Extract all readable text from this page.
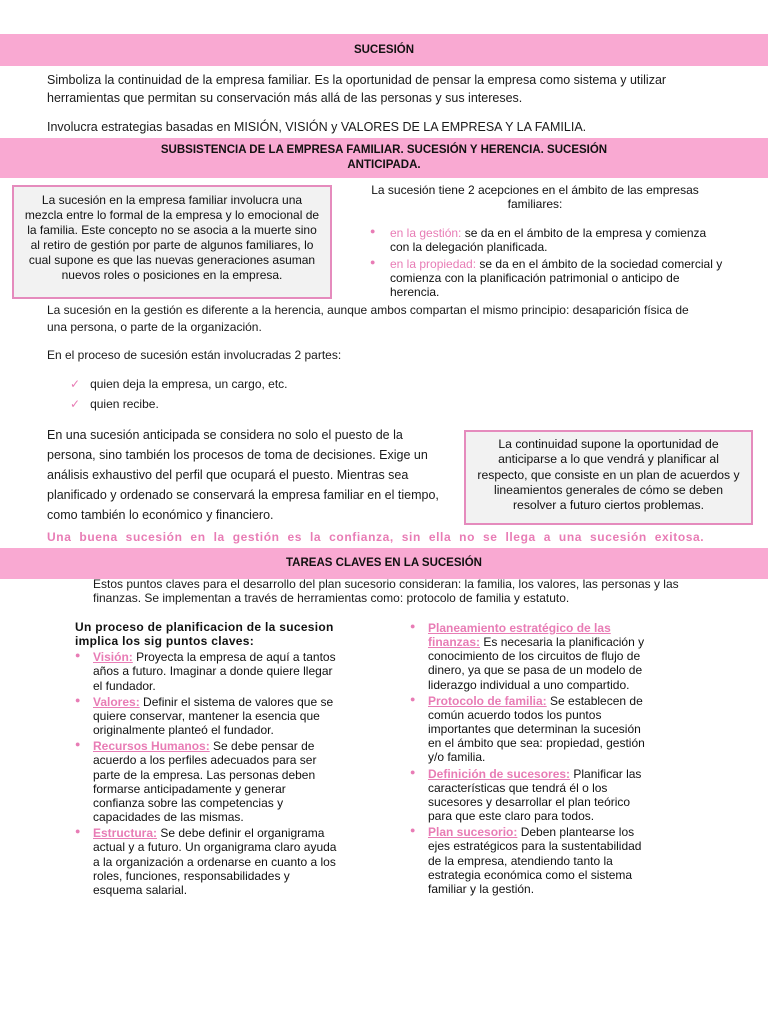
SUCESIÓN
Simboliza la continuidad de la empresa familiar. Es la oportunidad de pensar la empresa como sistema y utilizar herramientas que permitan su conservación más allá de las personas y sus intereses.
Involucra estrategias basadas en MISIÓN, VISIÓN y VALORES DE LA EMPRESA Y LA FAMILIA.
SUBSISTENCIA DE LA EMPRESA FAMILIAR. SUCESIÓN Y HERENCIA. SUCESIÓN ANTICIPADA.
La sucesión en la empresa familiar involucra una mezcla entre lo formal de la empresa y lo emocional de la familia. Este concepto no se asocia a la muerte sino al retiro de gestión por parte de algunos familiares, lo cual supone es que las nuevas generaciones asuman nuevos roles o posiciones en la empresa.
La sucesión tiene 2 acepciones en el ámbito de las empresas familiares:
● en la gestión: se da en el ámbito de la empresa y comienza con la delegación planificada.
● en la propiedad: se da en el ámbito de la sociedad comercial y comienza con la planificación patrimonial o anticipo de herencia.
La sucesión en la gestión es diferente a la herencia, aunque ambos compartan el mismo principio: desaparición física de una persona, o parte de la organización.
En el proceso de sucesión están involucradas 2 partes:
✓ quien deja la empresa, un cargo, etc.
✓ quien recibe.
En una sucesión anticipada se considera no solo el puesto de la persona, sino también los procesos de toma de decisiones. Exige un análisis exhaustivo del perfil que ocupará el puesto. Mientras sea planificado y ordenado se conservará la empresa familiar en el tiempo, como también lo económico y financiero.
La continuidad supone la oportunidad de anticiparse a lo que vendrá y planificar al respecto, que consiste en un plan de acuerdos y lineamientos generales de cómo se deben resolver a futuro ciertos problemas.
Una buena sucesión en la gestión es la confianza, sin ella no se llega a una sucesión exitosa.
TAREAS CLAVES EN LA SUCESIÓN
Estos puntos claves para el desarrollo del plan sucesorio consideran: la familia, los valores, las personas y las finanzas. Se implementan a través de herramientas como: protocolo de familia y estatuto.
Un proceso de planificacion de la sucesion implica los sig puntos claves:
● Visión: Proyecta la empresa de aquí a tantos años a futuro. Imaginar a donde quiere llegar el fundador.
● Valores: Definir el sistema de valores que se quiere conservar, mantener la esencia que originalmente planteó el fundador.
● Recursos Humanos: Se debe pensar de acuerdo a los perfiles adecuados para ser parte de la empresa. Las personas deben formarse anticipadamente y generar confianza sobre las competencias y capacidades de las mismas.
● Estructura: Se debe definir el organigrama actual y a futuro. Un organigrama claro ayuda a la organización a ordenarse en cuanto a los roles, funciones, responsabilidades y esquema salarial.
● Planeamiento estratégico de las finanzas: Es necesaria la planificación y conocimiento de los circuitos de flujo de dinero, ya que se pasa de un modelo de liderazgo individual a uno compartido.
● Protocolo de familia: Se establecen de común acuerdo todos los puntos importantes que determinan la sucesión en el ámbito que sea: propiedad, gestión y/o familia.
● Definición de sucesores: Planificar las características que tendrá él o los sucesores y desarrollar el plan teórico para que este claro para todos.
● Plan sucesorio: Deben plantearse los ejes estratégicos para la sustentabilidad de la empresa, atendiendo tanto la estrategia económica como el sistema familiar y la gestión.
